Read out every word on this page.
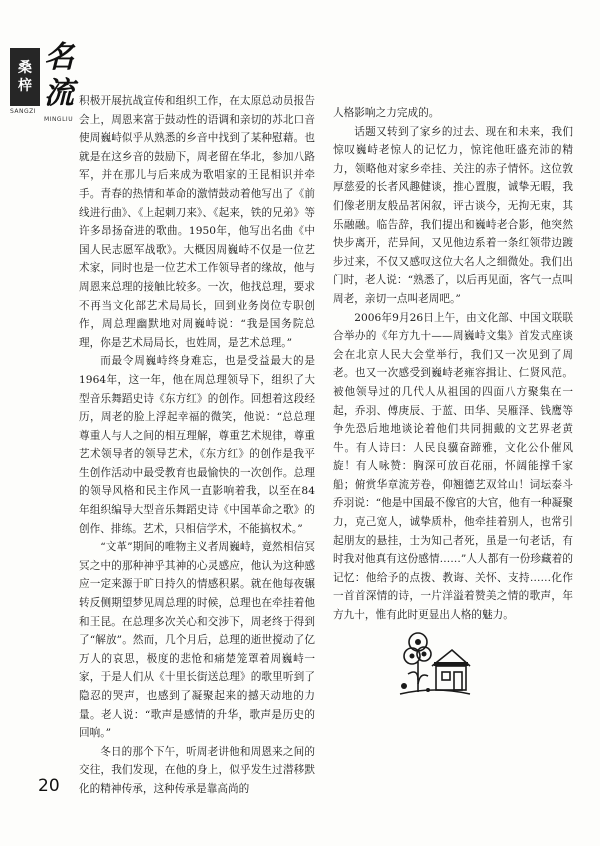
桑
梓
名
流
SANGZI
MINGLIU

积极开展抗战宣传和组织工作，在太原总动员报告会上，周恩来富于鼓动性的语调和亲切的苏北口音使周巍峙似乎从熟悉的乡音中找到了某种慰藉。也就是在这乡音的鼓励下，周老留在华北，参加八路军，并在那儿与后来成为歌唱家的王昆相识并牵手。青春的热情和革命的激情鼓动着他写出了《前线进行曲》、《上起刺刀来》、《起来，铁的兄弟》等许多昂扬奋进的歌曲。1950年，他写出名曲《中国人民志愿军战歌》。大概因周巍峙不仅是一位艺术家，同时也是一位艺术工作领导者的缘故，他与周恩来总理的接触比较多。一次，他找总理，要求不再当文化部艺术局局长，回到业务岗位专职创作，周总理幽默地对周巍峙说：“我是国务院总理，你是艺术局局长，也姓周，是艺术总理。”

而最令周巍峙终身难忘，也是受益最大的是1964年，这一年，他在周总理领导下，组织了大型音乐舞蹈史诗《东方红》的创作。回想着这段经历，周老的脸上浮起幸福的微笑，他说：“总总理尊重人与人之间的相互理解，尊重艺术规律，尊重艺术领导者的领导艺术，《东方红》的创作是我平生创作活动中最受教育也最愉快的一次创作。总理的领导风格和民主作风一直影响着我，以至在84年组织编导大型音乐舞蹈史诗《中国革命之歌》的创作、排练。艺术，只相信学术，不能搞权术。”

“文革”期间的唯物主义者周巍峙，竟然相信冥冥之中的那种神乎其神的心灵感应，他认为这种感应一定来源于旷日持久的情感积累。就在他每夜辗转反侧期望梦见周总理的时候，总理也在牵挂着他和王昆。在总理多次关心和交涉下，周老终于得到了“解放”。然而，几个月后，总理的逝世搅动了亿万人的哀思，极度的悲怆和痛楚笼罩着周巍峙一家，于是人们从《十里长街送总理》的歌里听到了隐忍的哭声，也感到了凝聚起来的撼天动地的力量。老人说：“歌声是感情的升华，歌声是历史的回响。”

冬日的那个下午，听周老讲他和周恩来之间的交往，我们发现，在他的身上，似乎发生过潜移默化的精神传承，这种传承是靠高尚的

人格影响之力完成的。

话题又转到了家乡的过去、现在和未来，我们惊叹巍峙老惊人的记忆力，惊诧他旺盛充沛的精力，领略他对家乡牵挂、关注的赤子情怀。这位敦厚慈爱的长者风趣健谈，推心置腹，诚挚无暇，我们像老朋友般品茗闲叙，评古谈今，无拘无束，其乐融融。临告辞，我们提出和巍峙老合影，他突然快步离开，茫异间，又见他边系着一条红领带边踱步过来，不仅又感叹这位大名人之细微处。我们出门时，老人说：“熟悉了，以后再见面，客气一点叫周老，亲切一点叫老周吧。”

2006年9月26日上午，由文化部、中国文联联合举办的《年方九十——周巍峙文集》首发式座谈会在北京人民大会堂举行，我们又一次见到了周老。也又一次感受到巍峙老雍容揖让、仁贤风范。被他领导过的几代人从祖国的四面八方聚集在一起，乔羽、傅庚辰、于蓝、田华、吴雁泽、钱鹰等争先恐后地地谈论着他们共同拥戴的文艺界老黄牛。有人诗曰：人民良骥奋蹄雅，文化公仆催风旋！有人咏赞：胸深可放百花丽，怀阔能撑千家船；俯赏华章流芳卷，仰翘德艺双耸山！词坛泰斗乔羽说：“他是中国最不像官的大官，他有一种凝聚力，克己宽人，诚挚质朴，他牵挂着别人，也常引起朋友的悬挂，士为知己者死，虽是一句老话，有时我对他真有这份感情……”人人都有一份珍藏着的记忆：他给予的点拨、教诲、关怀、支持……化作一首首深情的诗，一片洋溢着赞美之情的歌声，年方九十，惟有此时更显出人格的魅力。

20
